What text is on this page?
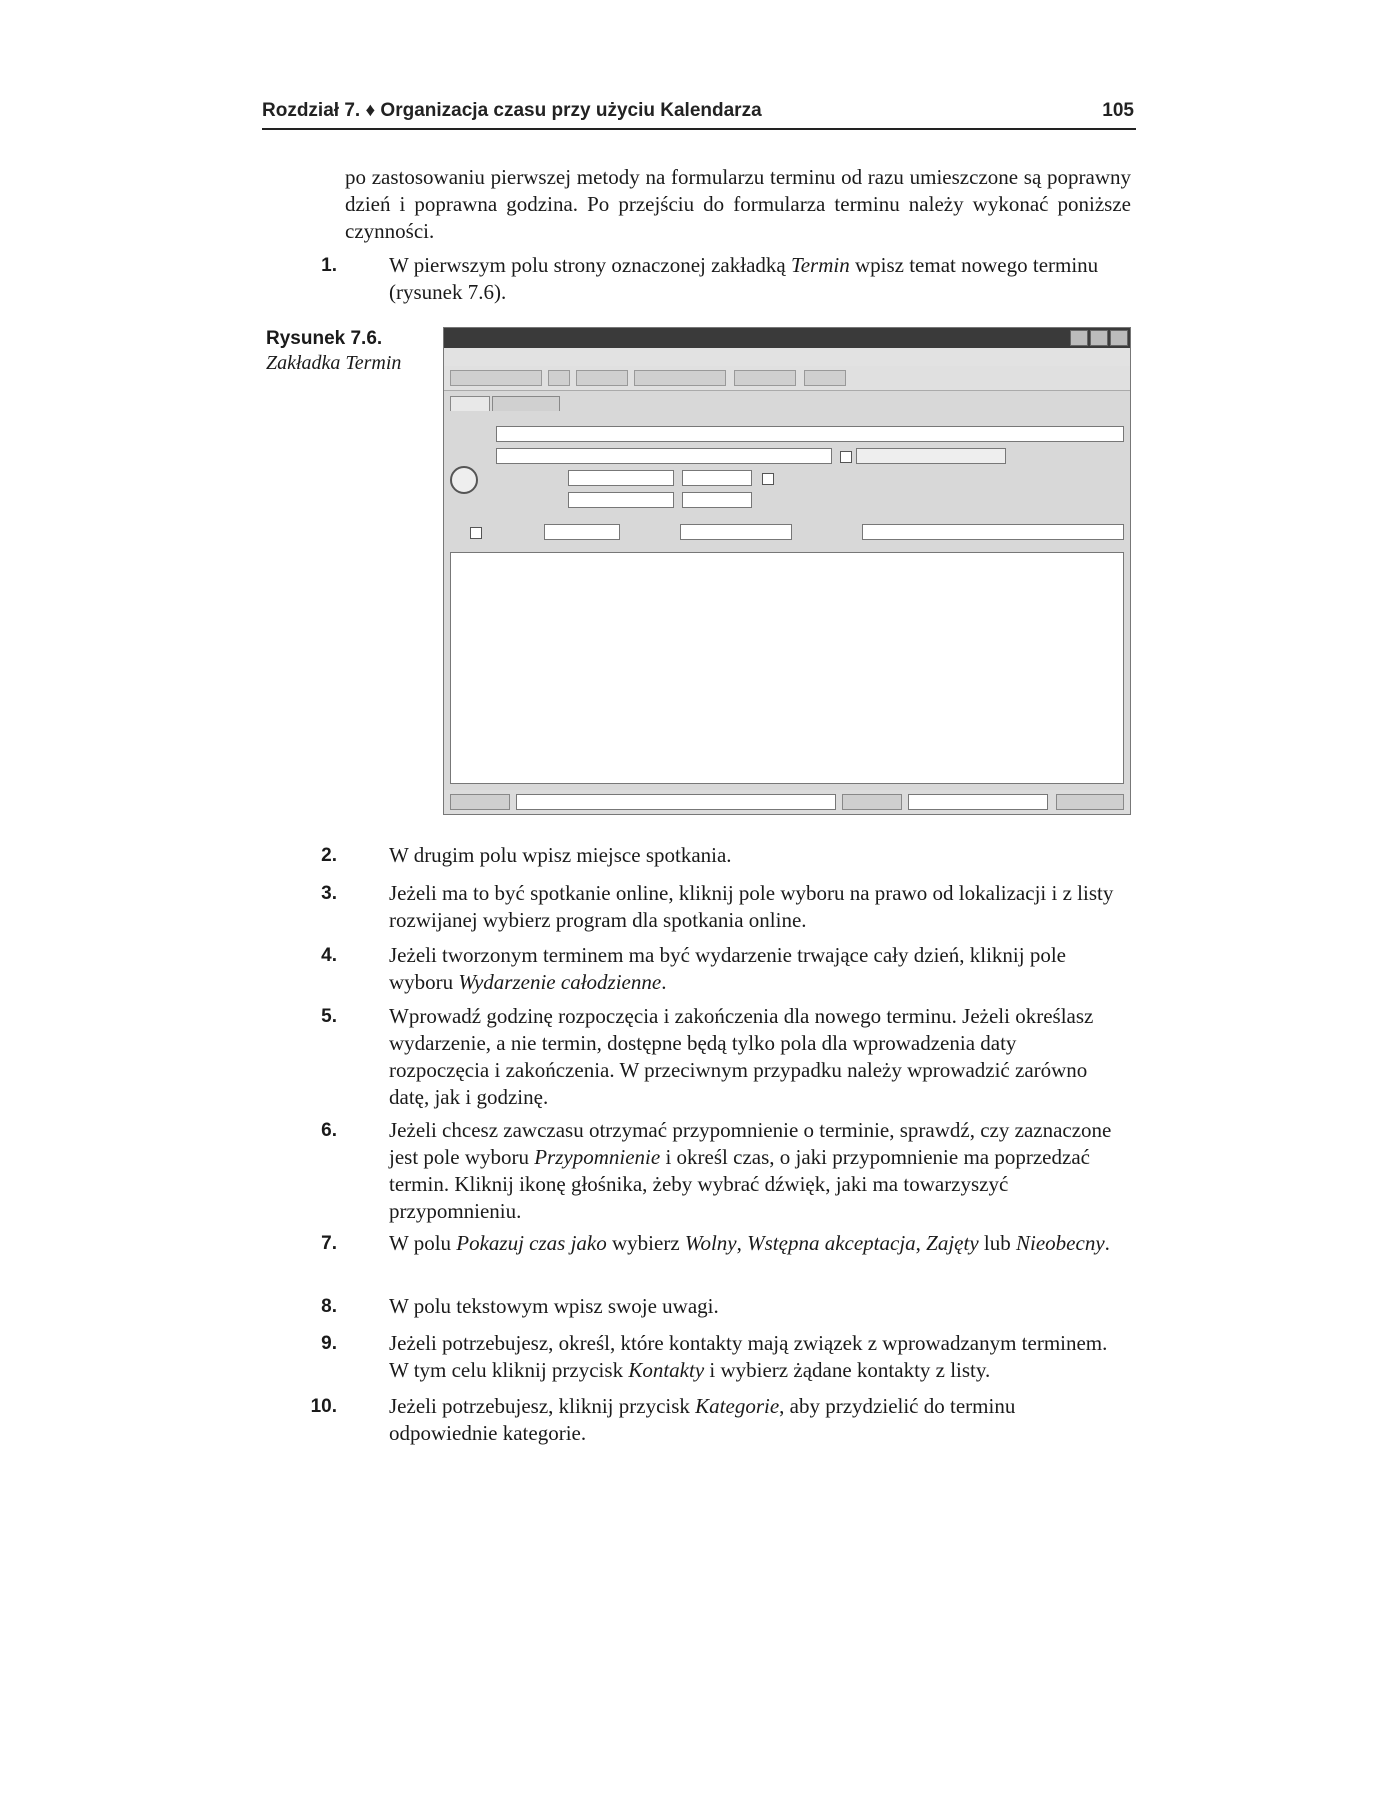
Rozdział 7. ♦ Organizacja czasu przy użyciu Kalendarza	105

po zastosowaniu pierwszej metody na formularzu terminu od razu umieszczone są poprawny dzień i poprawna godzina. Po przejściu do formularza terminu należy wykonać poniższe czynności.

1. W pierwszym polu strony oznaczonej zakładką Termin wpisz temat nowego terminu (rysunek 7.6).
Rysunek 7.6.
Zakładka Termin
2. W drugim polu wpisz miejsce spotkania.
3. Jeżeli ma to być spotkanie online, kliknij pole wyboru na prawo od lokalizacji i z listy rozwijanej wybierz program dla spotkania online.
4. Jeżeli tworzonym terminem ma być wydarzenie trwające cały dzień, kliknij pole wyboru Wydarzenie całodzienne.
5. Wprowadź godzinę rozpoczęcia i zakończenia dla nowego terminu. Jeżeli określasz wydarzenie, a nie termin, dostępne będą tylko pola dla wprowadzenia daty rozpoczęcia i zakończenia. W przeciwnym przypadku należy wprowadzić zarówno datę, jak i godzinę.
6. Jeżeli chcesz zawczasu otrzymać przypomnienie o terminie, sprawdź, czy zaznaczone jest pole wyboru Przypomnienie i określ czas, o jaki przypomnienie ma poprzedzać termin. Kliknij ikonę głośnika, żeby wybrać dźwięk, jaki ma towarzyszyć przypomnieniu.
7. W polu Pokazuj czas jako wybierz Wolny, Wstępna akceptacja, Zajęty lub Nieobecny.
8. W polu tekstowym wpisz swoje uwagi.
9. Jeżeli potrzebujesz, określ, które kontakty mają związek z wprowadzanym terminem. W tym celu kliknij przycisk Kontakty i wybierz żądane kontakty z listy.
10. Jeżeli potrzebujesz, kliknij przycisk Kategorie, aby przydzielić do terminu odpowiednie kategorie.
